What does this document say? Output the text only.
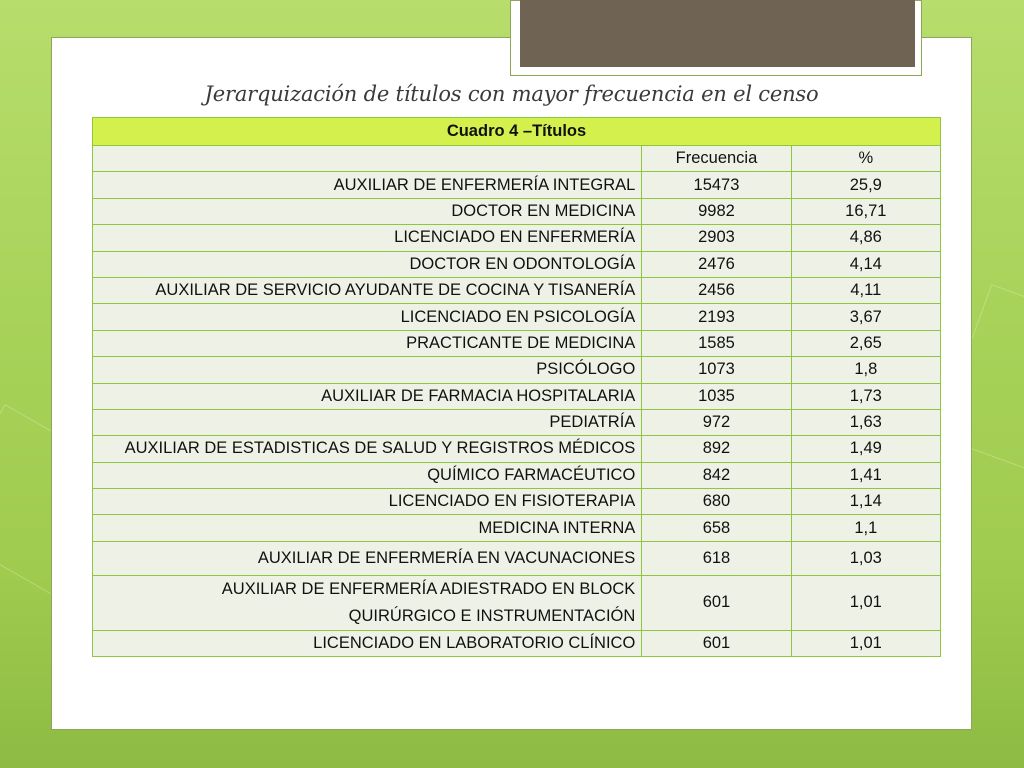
Jerarquización de títulos con mayor frecuencia en el censo
Cuadro 4 –Títulos		
	Frecuencia	%
AUXILIAR DE ENFERMERÍA INTEGRAL	15473	25,9
DOCTOR EN MEDICINA	9982	16,71
LICENCIADO EN ENFERMERÍA	2903	4,86
DOCTOR EN ODONTOLOGÍA	2476	4,14
AUXILIAR DE SERVICIO AYUDANTE DE COCINA Y TISANERÍA	2456	4,11
LICENCIADO EN PSICOLOGÍA	2193	3,67
PRACTICANTE DE MEDICINA	1585	2,65
PSICÓLOGO	1073	1,8
AUXILIAR DE FARMACIA HOSPITALARIA	1035	1,73
PEDIATRÍA	972	1,63
AUXILIAR DE ESTADISTICAS DE SALUD Y REGISTROS MÉDICOS	892	1,49
QUÍMICO FARMACÉUTICO	842	1,41
LICENCIADO EN FISIOTERAPIA	680	1,14
MEDICINA INTERNA	658	1,1
AUXILIAR DE ENFERMERÍA EN VACUNACIONES	618	1,03
AUXILIAR DE ENFERMERÍA ADIESTRADO EN BLOCK
QUIRÚRGICO E INSTRUMENTACIÓN	601	1,01
LICENCIADO EN LABORATORIO CLÍNICO	601	1,01
